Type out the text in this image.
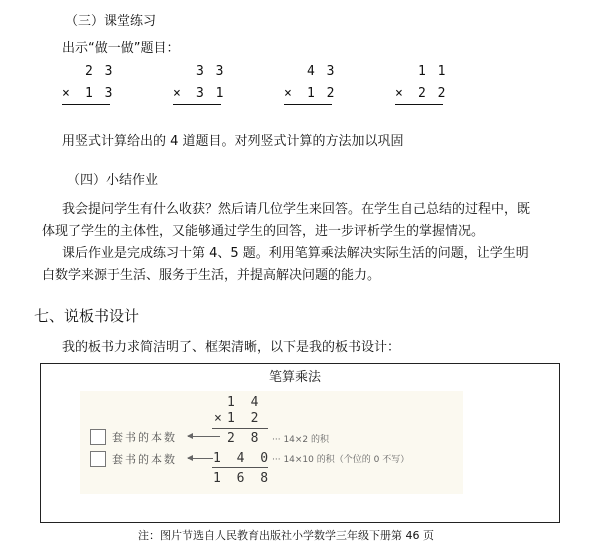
（三）课堂练习
出示“做一做”题目：
2 3
× 1 3
3 3
× 3 1
4 3
× 1 2
1 1
× 2 2
用竖式计算给出的 4 道题目。对列竖式计算的方法加以巩固
（四）小结作业
我会提问学生有什么收获？然后请几位学生来回答。在学生自己总结的过程中，既
体现了学生的主体性，又能够通过学生的回答，进一步评析学生的掌握情况。
课后作业是完成练习十第 4、5 题。利用笔算乘法解决实际生活的问题，让学生明
白数学来源于生活、服务于生活，并提高解决问题的能力。
七、说板书设计
我的板书力求简洁明了、框架清晰，以下是我的板书设计：
笔算乘法
1 4
× 1 2
2 8
1 4 0
1 6 8
套书的本数
套书的本数
··· 14×2 的积
··· 14×10 的积（个位的 0 不写）
注：图片节选自人民教育出版社小学数学三年级下册第 46 页
